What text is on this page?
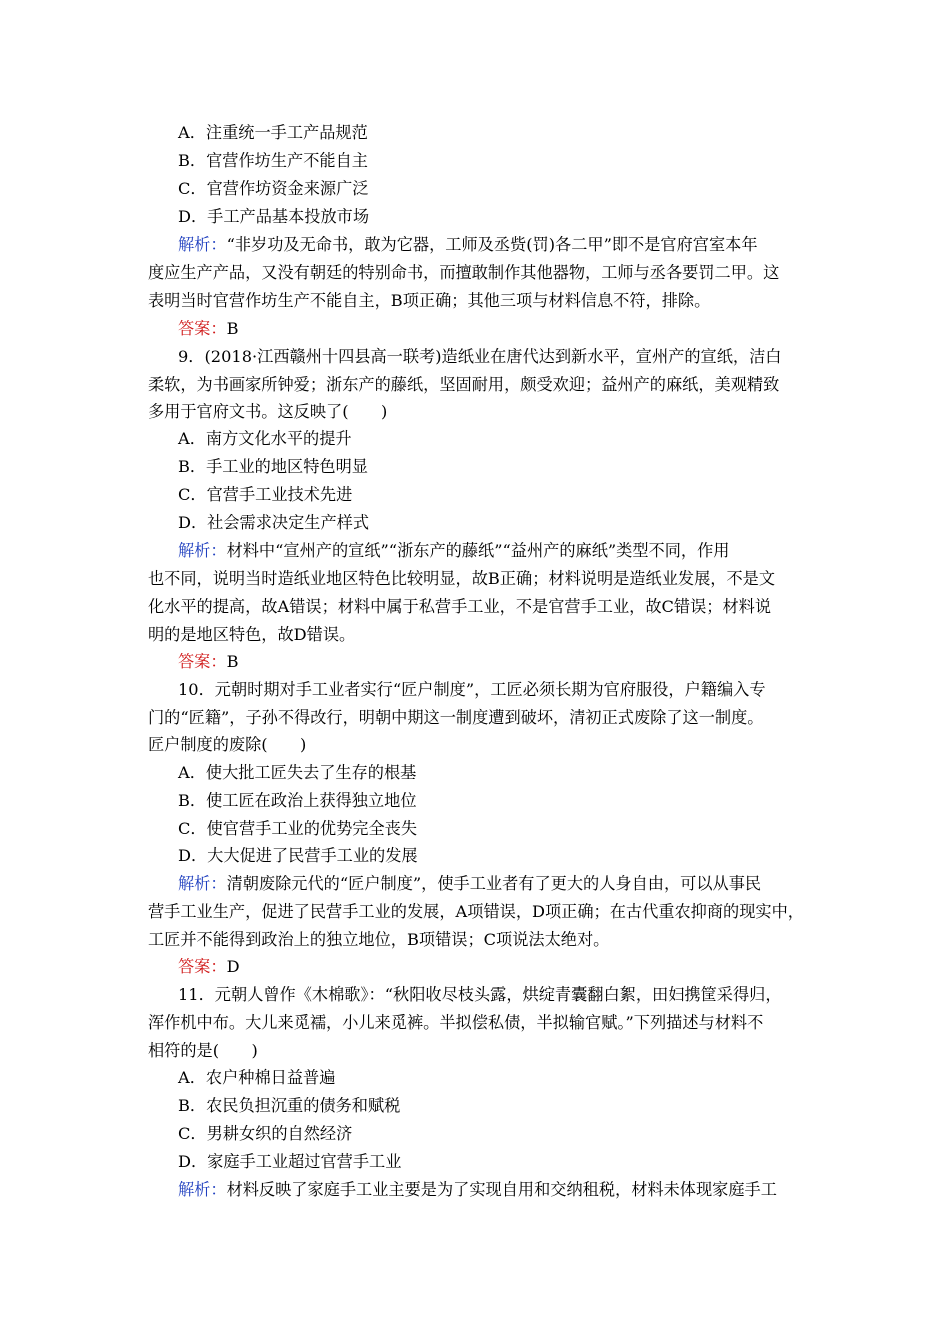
A．注重统一手工产品规范
B．官营作坊生产不能自主
C．官营作坊资金来源广泛
D．手工产品基本投放市场
解析：“非岁功及无命书，敢为它器，工师及丞赀(罚)各二甲”即不是官府宫室本年
度应生产产品，又没有朝廷的特别命书，而擅敢制作其他器物，工师与丞各要罚二甲。这
表明当时官营作坊生产不能自主，B项正确；其他三项与材料信息不符，排除。
答案：B
9．(2018·江西赣州十四县高一联考)造纸业在唐代达到新水平，宣州产的宣纸，洁白
柔软，为书画家所钟爱；浙东产的藤纸，坚固耐用，颇受欢迎；益州产的麻纸，美观精致
多用于官府文书。这反映了(　　)
A．南方文化水平的提升
B．手工业的地区特色明显
C．官营手工业技术先进
D．社会需求决定生产样式
解析：材料中“宣州产的宣纸”“浙东产的藤纸”“益州产的麻纸”类型不同，作用
也不同，说明当时造纸业地区特色比较明显，故B正确；材料说明是造纸业发展，不是文
化水平的提高，故A错误；材料中属于私营手工业，不是官营手工业，故C错误；材料说
明的是地区特色，故D错误。
答案：B
10．元朝时期对手工业者实行“匠户制度”，工匠必须长期为官府服役，户籍编入专
门的“匠籍”，子孙不得改行，明朝中期这一制度遭到破坏，清初正式废除了这一制度。
匠户制度的废除(　　)
A．使大批工匠失去了生存的根基
B．使工匠在政治上获得独立地位
C．使官营手工业的优势完全丧失
D．大大促进了民营手工业的发展
解析：清朝废除元代的“匠户制度”，使手工业者有了更大的人身自由，可以从事民
营手工业生产，促进了民营手工业的发展，A项错误，D项正确；在古代重农抑商的现实中，
工匠并不能得到政治上的独立地位，B项错误；C项说法太绝对。
答案：D
11．元朝人曾作《木棉歌》：“秋阳收尽枝头露，烘绽青囊翻白絮，田妇携筐采得归，
浑作机中布。大儿来觅襦，小儿来觅裤。半拟偿私债，半拟输官赋。”下列描述与材料不
相符的是(　　)
A．农户种棉日益普遍
B．农民负担沉重的债务和赋税
C．男耕女织的自然经济
D．家庭手工业超过官营手工业
解析：材料反映了家庭手工业主要是为了实现自用和交纳租税，材料未体现家庭手工
